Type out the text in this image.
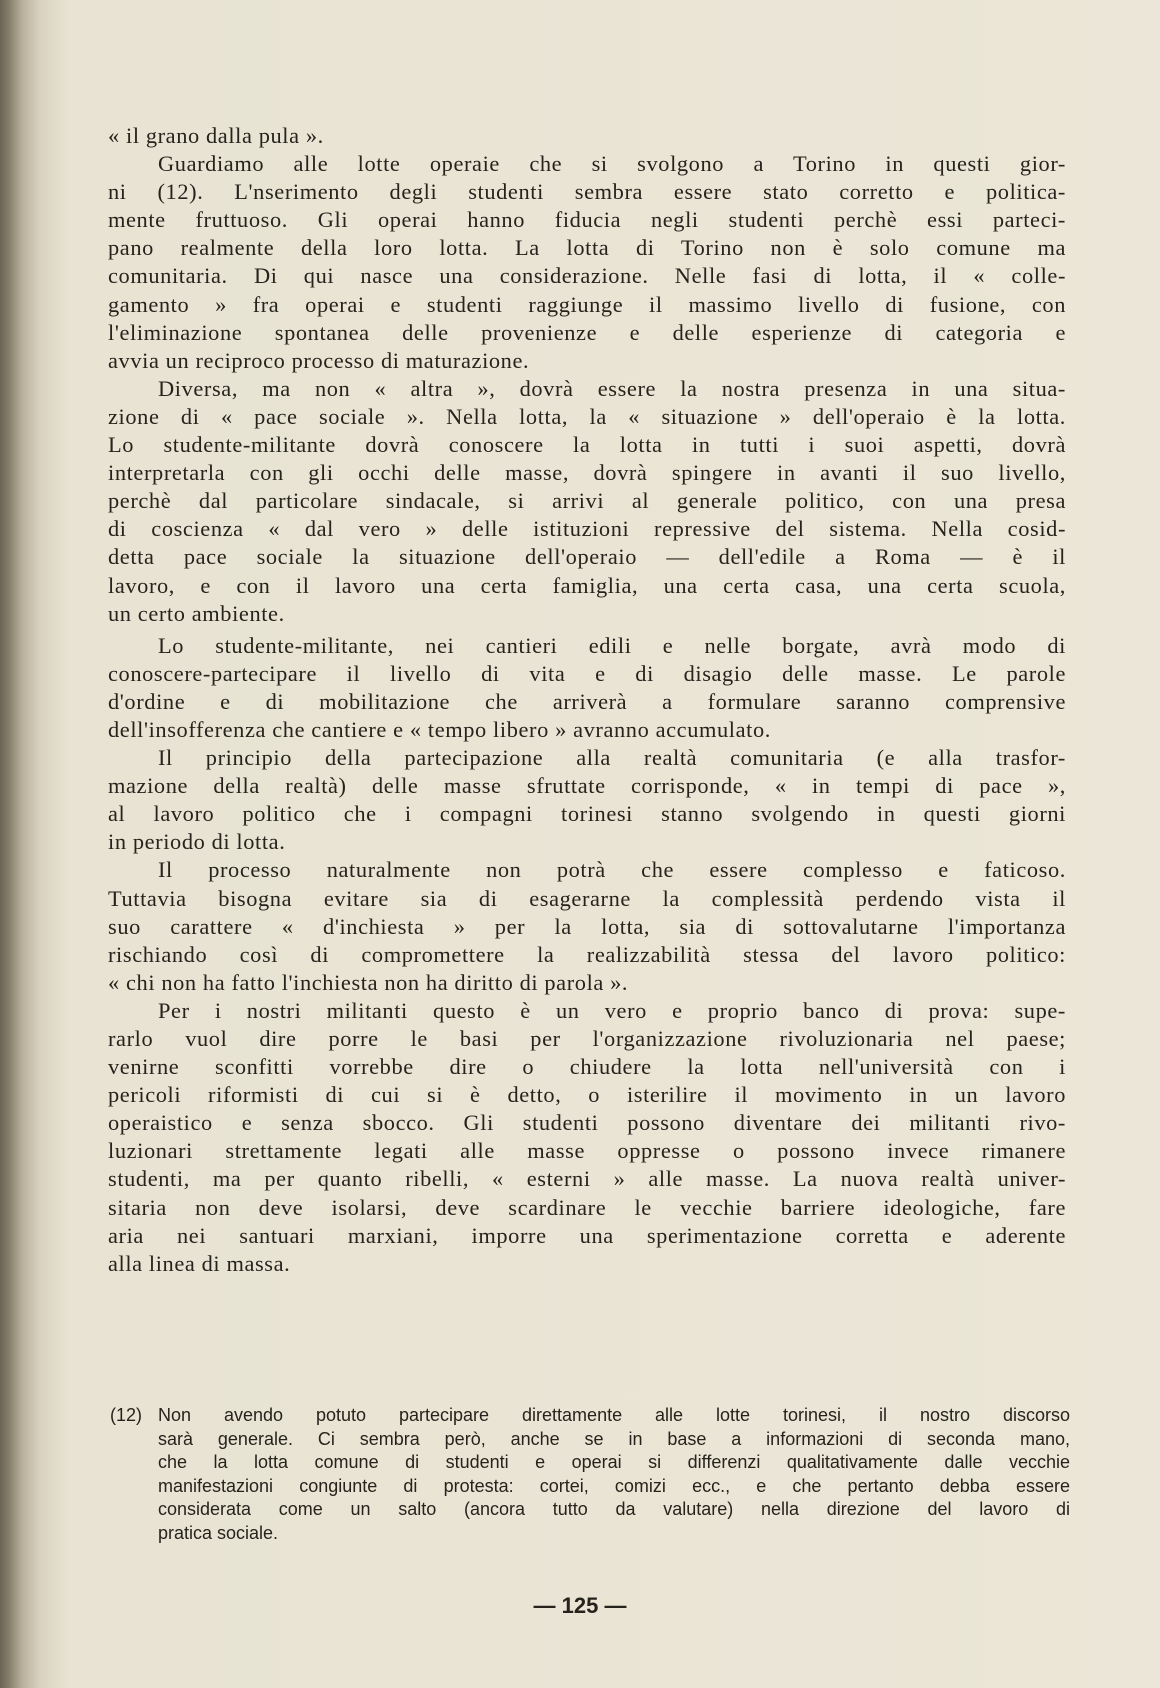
« il grano dalla pula ».
Guardiamo alle lotte operaie che si svolgono a Torino in questi gior-
ni (12). L'nserimento degli studenti sembra essere stato corretto e politica-
mente fruttuoso. Gli operai hanno fiducia negli studenti perchè essi parteci-
pano realmente della loro lotta. La lotta di Torino non è solo comune ma
comunitaria. Di qui nasce una considerazione. Nelle fasi di lotta, il « colle-
gamento » fra operai e studenti raggiunge il massimo livello di fusione, con
l'eliminazione spontanea delle provenienze e delle esperienze di categoria e
avvia un reciproco processo di maturazione.
Diversa, ma non « altra », dovrà essere la nostra presenza in una situa-
zione di « pace sociale ». Nella lotta, la « situazione » dell'operaio è la lotta.
Lo studente-militante dovrà conoscere la lotta in tutti i suoi aspetti, dovrà
interpretarla con gli occhi delle masse, dovrà spingere in avanti il suo livello,
perchè dal particolare sindacale, si arrivi al generale politico, con una presa
di coscienza « dal vero » delle istituzioni repressive del sistema. Nella cosid-
detta pace sociale la situazione dell'operaio — dell'edile a Roma — è il
lavoro, e con il lavoro una certa famiglia, una certa casa, una certa scuola,
un certo ambiente.
Lo studente-militante, nei cantieri edili e nelle borgate, avrà modo di
conoscere-partecipare il livello di vita e di disagio delle masse. Le parole
d'ordine e di mobilitazione che arriverà a formulare saranno comprensive
dell'insofferenza che cantiere e « tempo libero » avranno accumulato.
Il principio della partecipazione alla realtà comunitaria (e alla trasfor-
mazione della realtà) delle masse sfruttate corrisponde, « in tempi di pace »,
al lavoro politico che i compagni torinesi stanno svolgendo in questi giorni
in periodo di lotta.
Il processo naturalmente non potrà che essere complesso e faticoso.
Tuttavia bisogna evitare sia di esagerarne la complessità perdendo vista il
suo carattere « d'inchiesta » per la lotta, sia di sottovalutarne l'importanza
rischiando così di compromettere la realizzabilità stessa del lavoro politico:
« chi non ha fatto l'inchiesta non ha diritto di parola ».
Per i nostri militanti questo è un vero e proprio banco di prova: supe-
rarlo vuol dire porre le basi per l'organizzazione rivoluzionaria nel paese;
venirne sconfitti vorrebbe dire o chiudere la lotta nell'università con i
pericoli riformisti di cui si è detto, o isterilire il movimento in un lavoro
operaistico e senza sbocco. Gli studenti possono diventare dei militanti rivo-
luzionari strettamente legati alle masse oppresse o possono invece rimanere
studenti, ma per quanto ribelli, « esterni » alle masse. La nuova realtà univer-
sitaria non deve isolarsi, deve scardinare le vecchie barriere ideologiche, fare
aria nei santuari marxiani, imporre una sperimentazione corretta e aderente
alla linea di massa.
(12) Non avendo potuto partecipare direttamente alle lotte torinesi, il nostro discorso
sarà generale. Ci sembra però, anche se in base a informazioni di seconda mano,
che la lotta comune di studenti e operai si differenzi qualitativamente dalle vecchie
manifestazioni congiunte di protesta: cortei, comizi ecc., e che pertanto debba essere
considerata come un salto (ancora tutto da valutare) nella direzione del lavoro di
pratica sociale.
— 125 —
